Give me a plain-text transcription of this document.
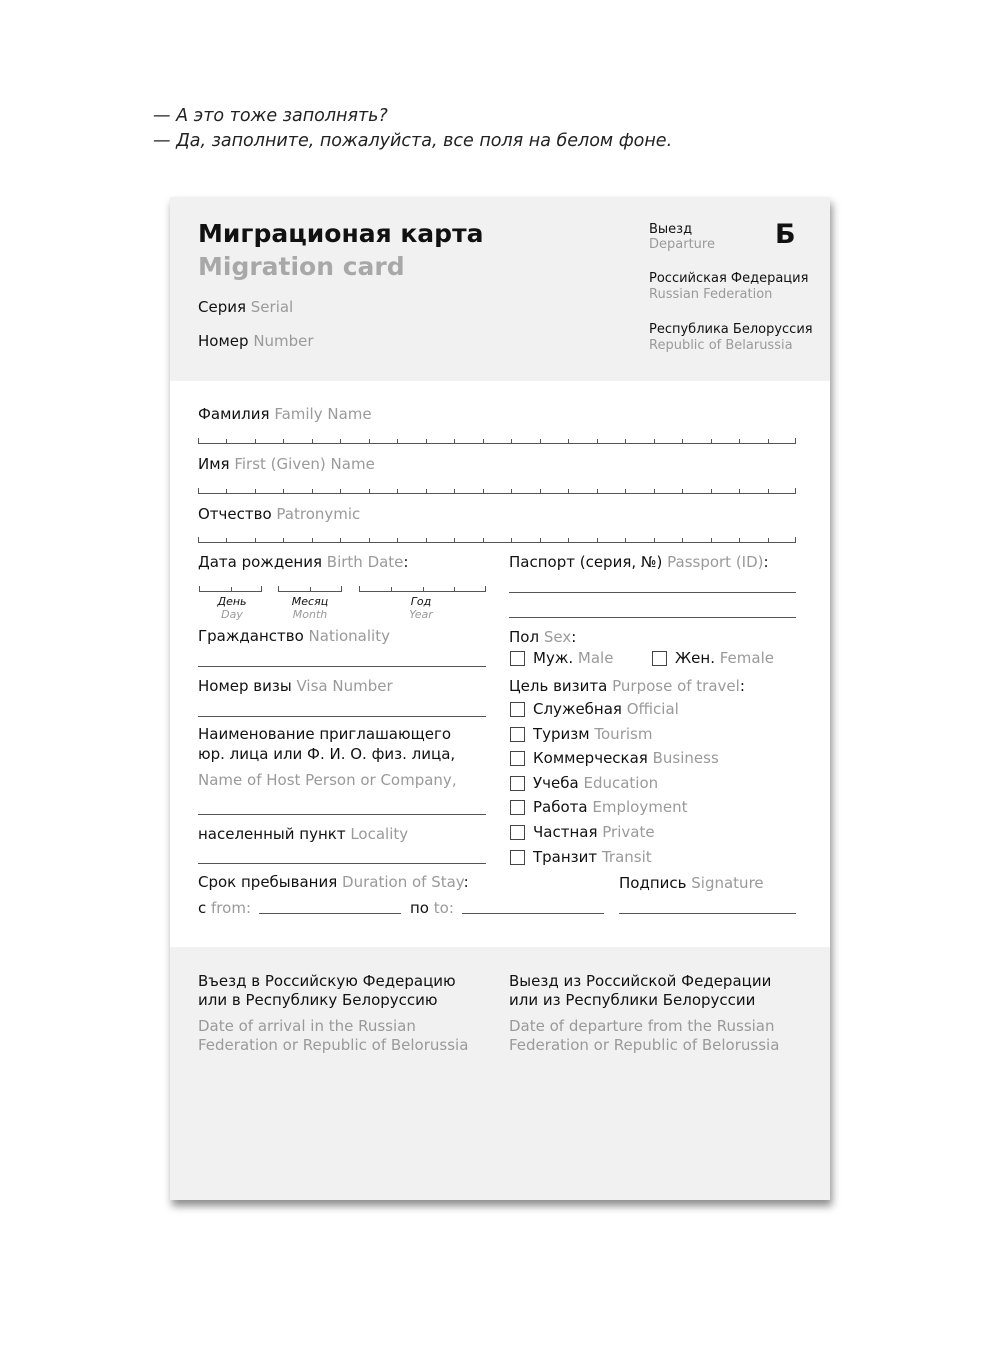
— А это тоже заполнять?
— Да, заполните, пожалуйста, все поля на белом фоне.
Миграционая карта
Migration card
Серия Serial
Номер Number
Выезд
Departure Б
Российская Федерация
Russian Federation
Республика Белоруссия
Republic of Belarussia
Фамилия Family Name
Имя First (Given) Name
Отчество Patronymic
Дата рождения Birth Date:
День
Day
Месяц
Month
Год
Year
Паспорт (серия, №) Passport (ID):
Гражданство Nationality	Пол Sex:
Муж. Male	Жен. Female
Номер визы Visa Number	Цель визита Purpose of travel:
Служебная Official
Туризм Tourism
Коммерческая Business
Учеба Education
Работа Employment
Частная Private
Транзит Transit
Наименование приглашающего
юр. лица или Ф. И. О. физ. лица,
Name of Host Person or Company,
населенный пункт Locality
Срок пребывания Duration of Stay:
с from:	по to:
Подпись Signature
Въезд в Российскую Федерацию
или в Республику Белоруссию
Date of arrival in the Russian
Federation or Republic of Belorussia
Выезд из Российской Федерации
или из Республики Белоруссии
Date of departure from the Russian
Federation or Republic of Belorussia
